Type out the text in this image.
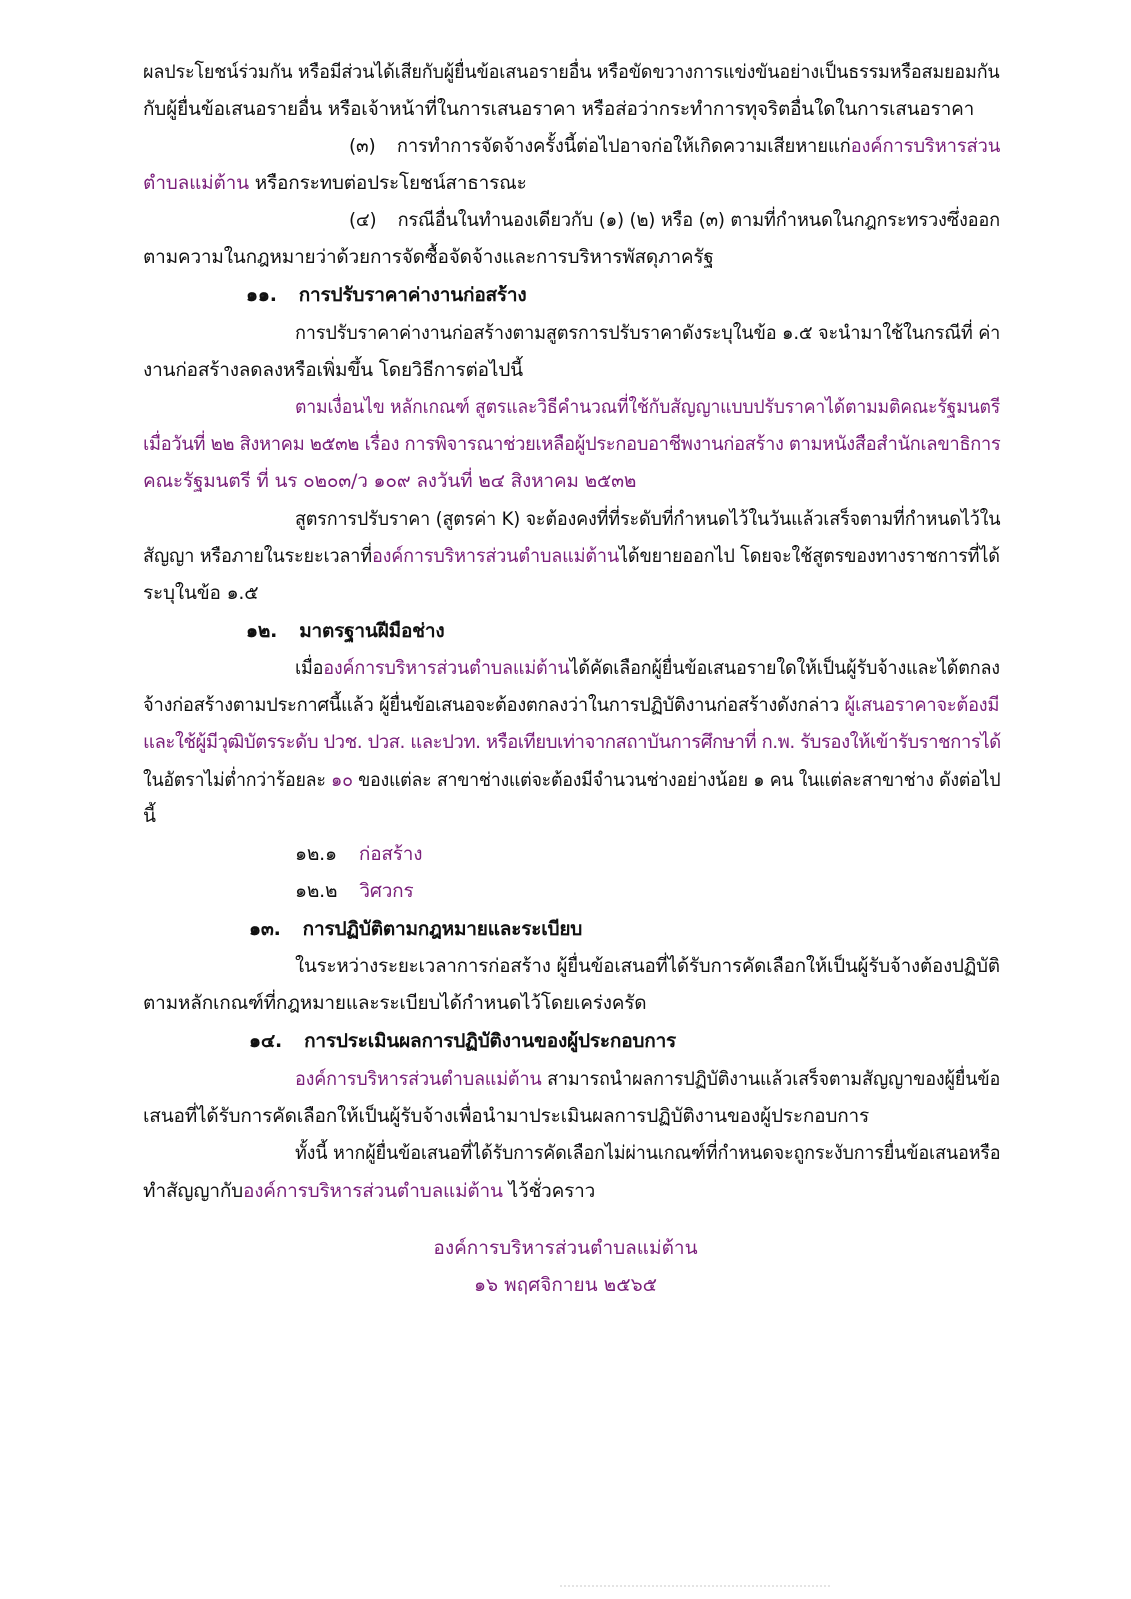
ผลประโยชน์ร่วมกัน หรือมีส่วนได้เสียกับผู้ยื่นข้อเสนอรายอื่น หรือขัดขวางการแข่งขันอย่างเป็นธรรมหรือสมยอมกัน
กับผู้ยื่นข้อเสนอรายอื่น หรือเจ้าหน้าที่ในการเสนอราคา หรือส่อว่ากระทำการทุจริตอื่นใดในการเสนอราคา
(๓) การทำการจัดจ้างครั้งนี้ต่อไปอาจก่อให้เกิดความเสียหายแก่องค์การบริหารส่วน
ตำบลแม่ต้าน หรือกระทบต่อประโยชน์สาธารณะ
(๔) กรณีอื่นในทำนองเดียวกับ (๑) (๒) หรือ (๓) ตามที่กำหนดในกฎกระทรวงซึ่งออก
ตามความในกฎหมายว่าด้วยการจัดซื้อจัดจ้างและการบริหารพัสดุภาครัฐ
๑๑. การปรับราคาค่างานก่อสร้าง
การปรับราคาค่างานก่อสร้างตามสูตรการปรับราคาดังระบุในข้อ ๑.๕ จะนำมาใช้ในกรณีที่ ค่า
งานก่อสร้างลดลงหรือเพิ่มขึ้น โดยวิธีการต่อไปนี้
ตามเงื่อนไข หลักเกณฑ์ สูตรและวิธีคำนวณที่ใช้กับสัญญาแบบปรับราคาได้ตามมติคณะรัฐมนตรี
เมื่อวันที่ ๒๒ สิงหาคม ๒๕๓๒ เรื่อง การพิจารณาช่วยเหลือผู้ประกอบอาชีพงานก่อสร้าง ตามหนังสือสำนักเลขาธิการ
คณะรัฐมนตรี ที่ นร ๐๒๐๓/ว ๑๐๙ ลงวันที่ ๒๔ สิงหาคม ๒๕๓๒
สูตรการปรับราคา (สูตรค่า K) จะต้องคงที่ที่ระดับที่กำหนดไว้ในวันแล้วเสร็จตามที่กำหนดไว้ใน
สัญญา หรือภายในระยะเวลาที่องค์การบริหารส่วนตำบลแม่ต้านได้ขยายออกไป โดยจะใช้สูตรของทางราชการที่ได้
ระบุในข้อ ๑.๕
๑๒. มาตรฐานฝีมือช่าง
เมื่อองค์การบริหารส่วนตำบลแม่ต้านได้คัดเลือกผู้ยื่นข้อเสนอรายใดให้เป็นผู้รับจ้างและได้ตกลง
จ้างก่อสร้างตามประกาศนี้แล้ว ผู้ยื่นข้อเสนอจะต้องตกลงว่าในการปฏิบัติงานก่อสร้างดังกล่าว ผู้เสนอราคาจะต้องมี
และใช้ผู้มีวุฒิบัตรระดับ ปวช. ปวส. และปวท. หรือเทียบเท่าจากสถาบันการศึกษาที่ ก.พ. รับรองให้เข้ารับราชการได้
ในอัตราไม่ต่ำกว่าร้อยละ ๑๐ ของแต่ละ สาขาช่างแต่จะต้องมีจำนวนช่างอย่างน้อย ๑ คน ในแต่ละสาขาช่าง ดังต่อไป
นี้
๑๒.๑ ก่อสร้าง
๑๒.๒ วิศวกร
๑๓. การปฏิบัติตามกฎหมายและระเบียบ
ในระหว่างระยะเวลาการก่อสร้าง ผู้ยื่นข้อเสนอที่ได้รับการคัดเลือกให้เป็นผู้รับจ้างต้องปฏิบัติ
ตามหลักเกณฑ์ที่กฎหมายและระเบียบได้กำหนดไว้โดยเคร่งครัด
๑๔. การประเมินผลการปฏิบัติงานของผู้ประกอบการ
องค์การบริหารส่วนตำบลแม่ต้าน สามารถนำผลการปฏิบัติงานแล้วเสร็จตามสัญญาของผู้ยื่นข้อ
เสนอที่ได้รับการคัดเลือกให้เป็นผู้รับจ้างเพื่อนำมาประเมินผลการปฏิบัติงานของผู้ประกอบการ
ทั้งนี้ หากผู้ยื่นข้อเสนอที่ได้รับการคัดเลือกไม่ผ่านเกณฑ์ที่กำหนดจะถูกระงับการยื่นข้อเสนอหรือ
ทำสัญญากับองค์การบริหารส่วนตำบลแม่ต้าน ไว้ชั่วคราว
องค์การบริหารส่วนตำบลแม่ต้าน
๑๖ พฤศจิกายน ๒๕๖๕
